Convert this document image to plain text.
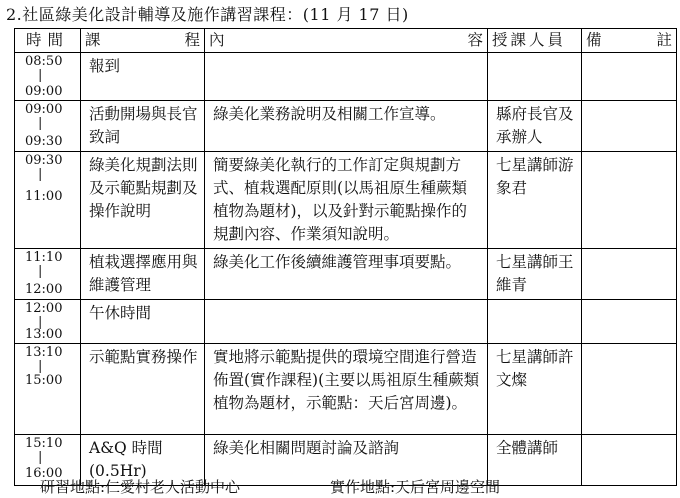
2.社區綠美化設計輔導及施作講習課程：(11 月 17 日)
時間	課 程	內 容	授課人員	備 註

08:50
|
09:00	報到			

09:00
|
09:30	活動開場與長官致詞	綠美化業務說明及相關工作宣導。	縣府長官及承辦人	

09:30
|
11:00	綠美化規劃法則及示範點規劃及操作說明	簡要綠美化執行的工作訂定與規劃方式、植栽選配原則(以馬祖原生種蕨類植物為題材)，以及針對示範點操作的規劃內容、作業須知說明。	七星講師游象君	

11:10
|
12:00	植栽選擇應用與維護管理	綠美化工作後續維護管理事項要點。	七星講師王維青	

12:00
|
13:00	午休時間			

13:10
|
15:00	示範點實務操作	實地將示範點提供的環境空間進行營造佈置(實作課程)(主要以馬祖原生種蕨類植物為題材，示範點：天后宮周邊)。	七星講師許文燦	

15:10
|
16:00	A&Q 時間(0.5Hr)	綠美化相關問題討論及諮詢	全體講師	

研習地點:仁愛村老人活動中心	實作地點:天后宮周邊空間
